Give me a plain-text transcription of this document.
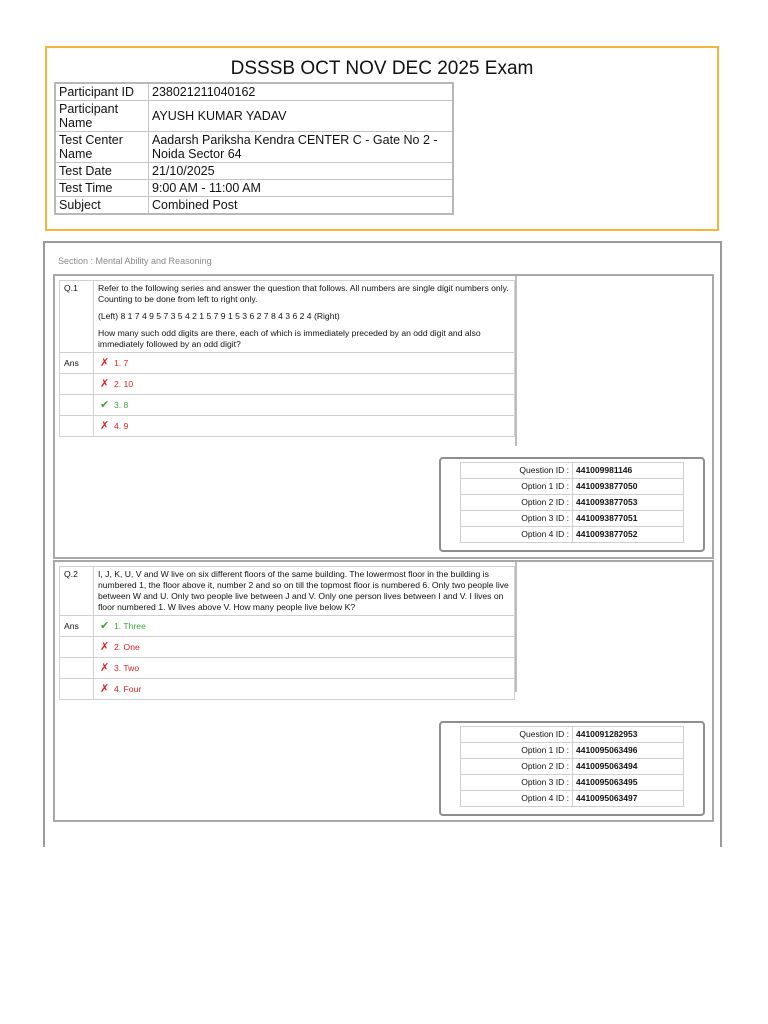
DSSSB OCT NOV DEC 2025 Exam
Participant ID	238021211040162
Participant Name	AYUSH KUMAR YADAV
Test Center Name	Aadarsh Pariksha Kendra CENTER C - Gate No 2 - Noida Sector 64
Test Date	21/10/2025
Test Time	9:00 AM - 11:00 AM
Subject	Combined Post
Section : Mental Ability and Reasoning
Q.1	Refer to the following series and answer the question that follows. All numbers are single digit numbers only. Counting to be done from left to right only.

(Left) 8 1 7 4 9 5 7 3 5 4 2 1 5 7 9 1 5 3 6 2 7 8 4 3 6 2 4 (Right)

How many such odd digits are there, each of which is immediately preceded by an odd digit and also immediately followed by an odd digit?

Ans	✗ 1. 7
	✗ 2. 10
	✔ 3. 8
	✗ 4. 9
Question ID :	441009981146
Option 1 ID :	4410093877050
Option 2 ID :	4410093877053
Option 3 ID :	4410093877051
Option 4 ID :	4410093877052
Q.2	I, J, K, U, V and W live on six different floors of the same building. The lowermost floor in the building is numbered 1, the floor above it, number 2 and so on till the topmost floor is numbered 6. Only two people live between W and U. Only two people live between J and V. Only one person lives between I and V. I lives on floor numbered 1. W lives above V. How many people live below K?

Ans	✔ 1. Three
	✗ 2. One
	✗ 3. Two
	✗ 4. Four
Question ID :	4410091282953
Option 1 ID :	4410095063496
Option 2 ID :	4410095063494
Option 3 ID :	4410095063495
Option 4 ID :	4410095063497
